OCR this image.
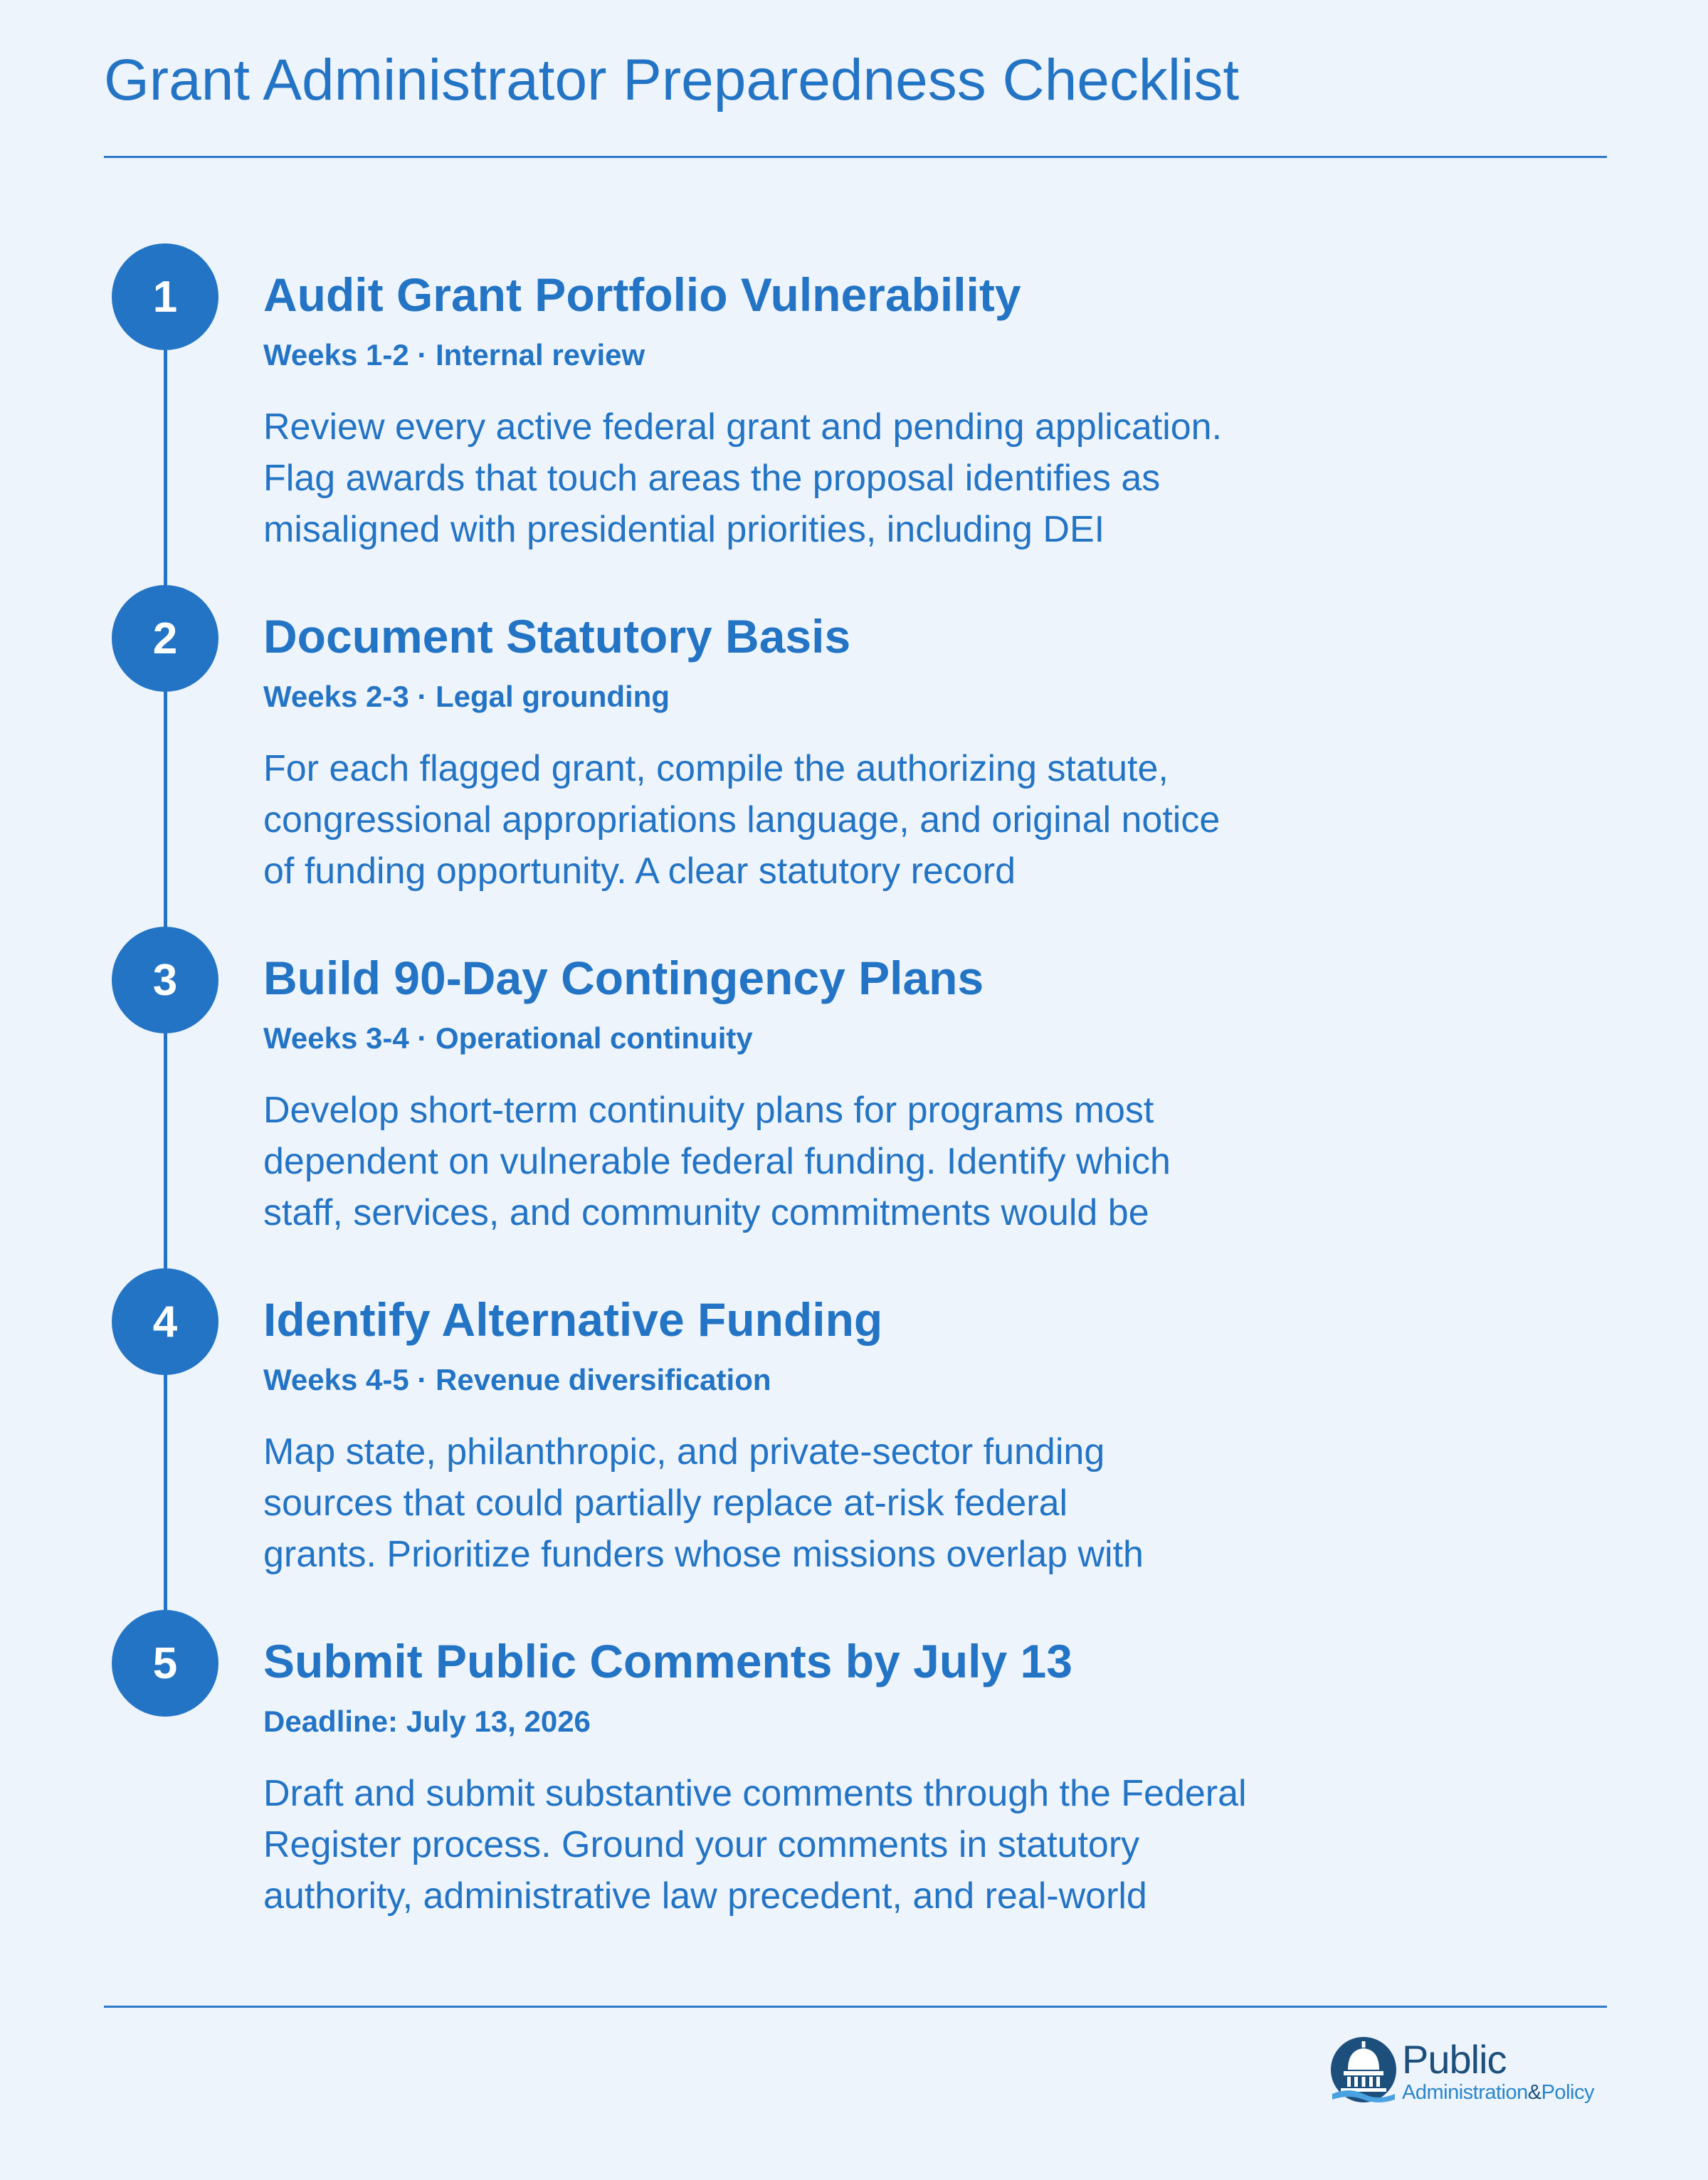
Grant Administrator Preparedness Checklist
1	Audit Grant Portfolio Vulnerability
Weeks 1-2 · Internal review

Review every active federal grant and pending application.
Flag awards that touch areas the proposal identifies as
misaligned with presidential priorities, including DEI

2	Document Statutory Basis
Weeks 2-3 · Legal grounding

For each flagged grant, compile the authorizing statute,
congressional appropriations language, and original notice
of funding opportunity. A clear statutory record

3	Build 90-Day Contingency Plans
Weeks 3-4 · Operational continuity

Develop short-term continuity plans for programs most
dependent on vulnerable federal funding. Identify which
staff, services, and community commitments would be

4	Identify Alternative Funding
Weeks 4-5 · Revenue diversification

Map state, philanthropic, and private-sector funding
sources that could partially replace at-risk federal
grants. Prioritize funders whose missions overlap with

5	Submit Public Comments by July 13
Deadline: July 13, 2026

Draft and submit substantive comments through the Federal
Register process. Ground your comments in statutory
authority, administrative law precedent, and real-world

Public
Administration&Policy
